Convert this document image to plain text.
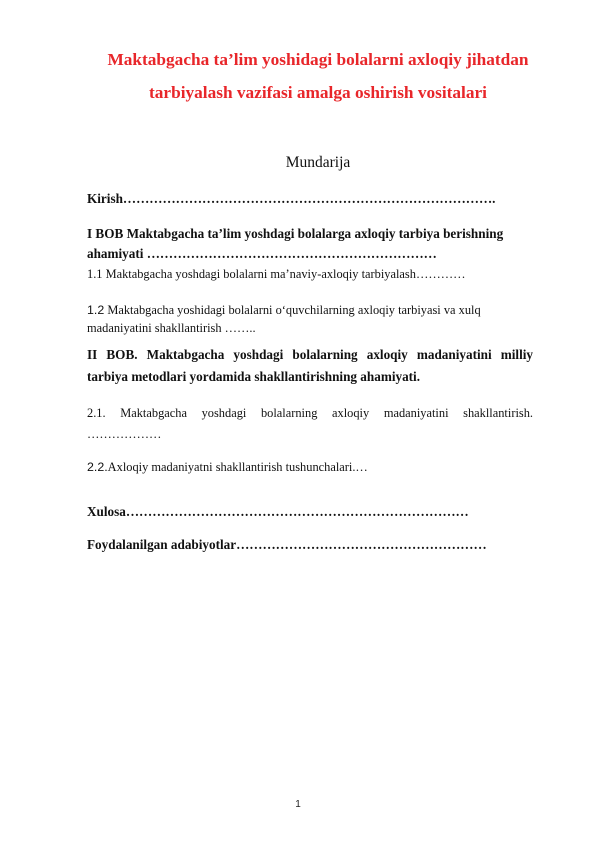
Maktabgacha ta’lim yoshidagi bolalarni axloqiy jihatdan
tarbiyalash vazifasi amalga oshirish vositalari
Mundarija
Kirish………………………………………………………………………….
I BOB Maktabgacha ta’lim yoshdagi bolalarga axloqiy tarbiya berishning
ahamiyati …………………………………………………………
1.1 Maktabgacha yoshdagi bolalarni ma’naviy-axloqiy tarbiyalash…………
1.2 Maktabgacha yoshidagi bolalarni o‘quvchilarning axloqiy tarbiyasi va xulq
madaniyatini shakllantirish ……..
II BOB. Maktabgacha yoshdagi bolalarning axloqiy madaniyatini milliy
tarbiya metodlari yordamida shakllantirishning ahamiyati.
2.1. Maktabgacha yoshdagi bolalarning axloqiy madaniyatini shakllantirish.
………………
2.2.Axloqiy madaniyatni shakllantirish tushunchalari.…
Xulosa……………………………………………………………………
Foydalanilgan adabiyotlar…………………………………………………
1
